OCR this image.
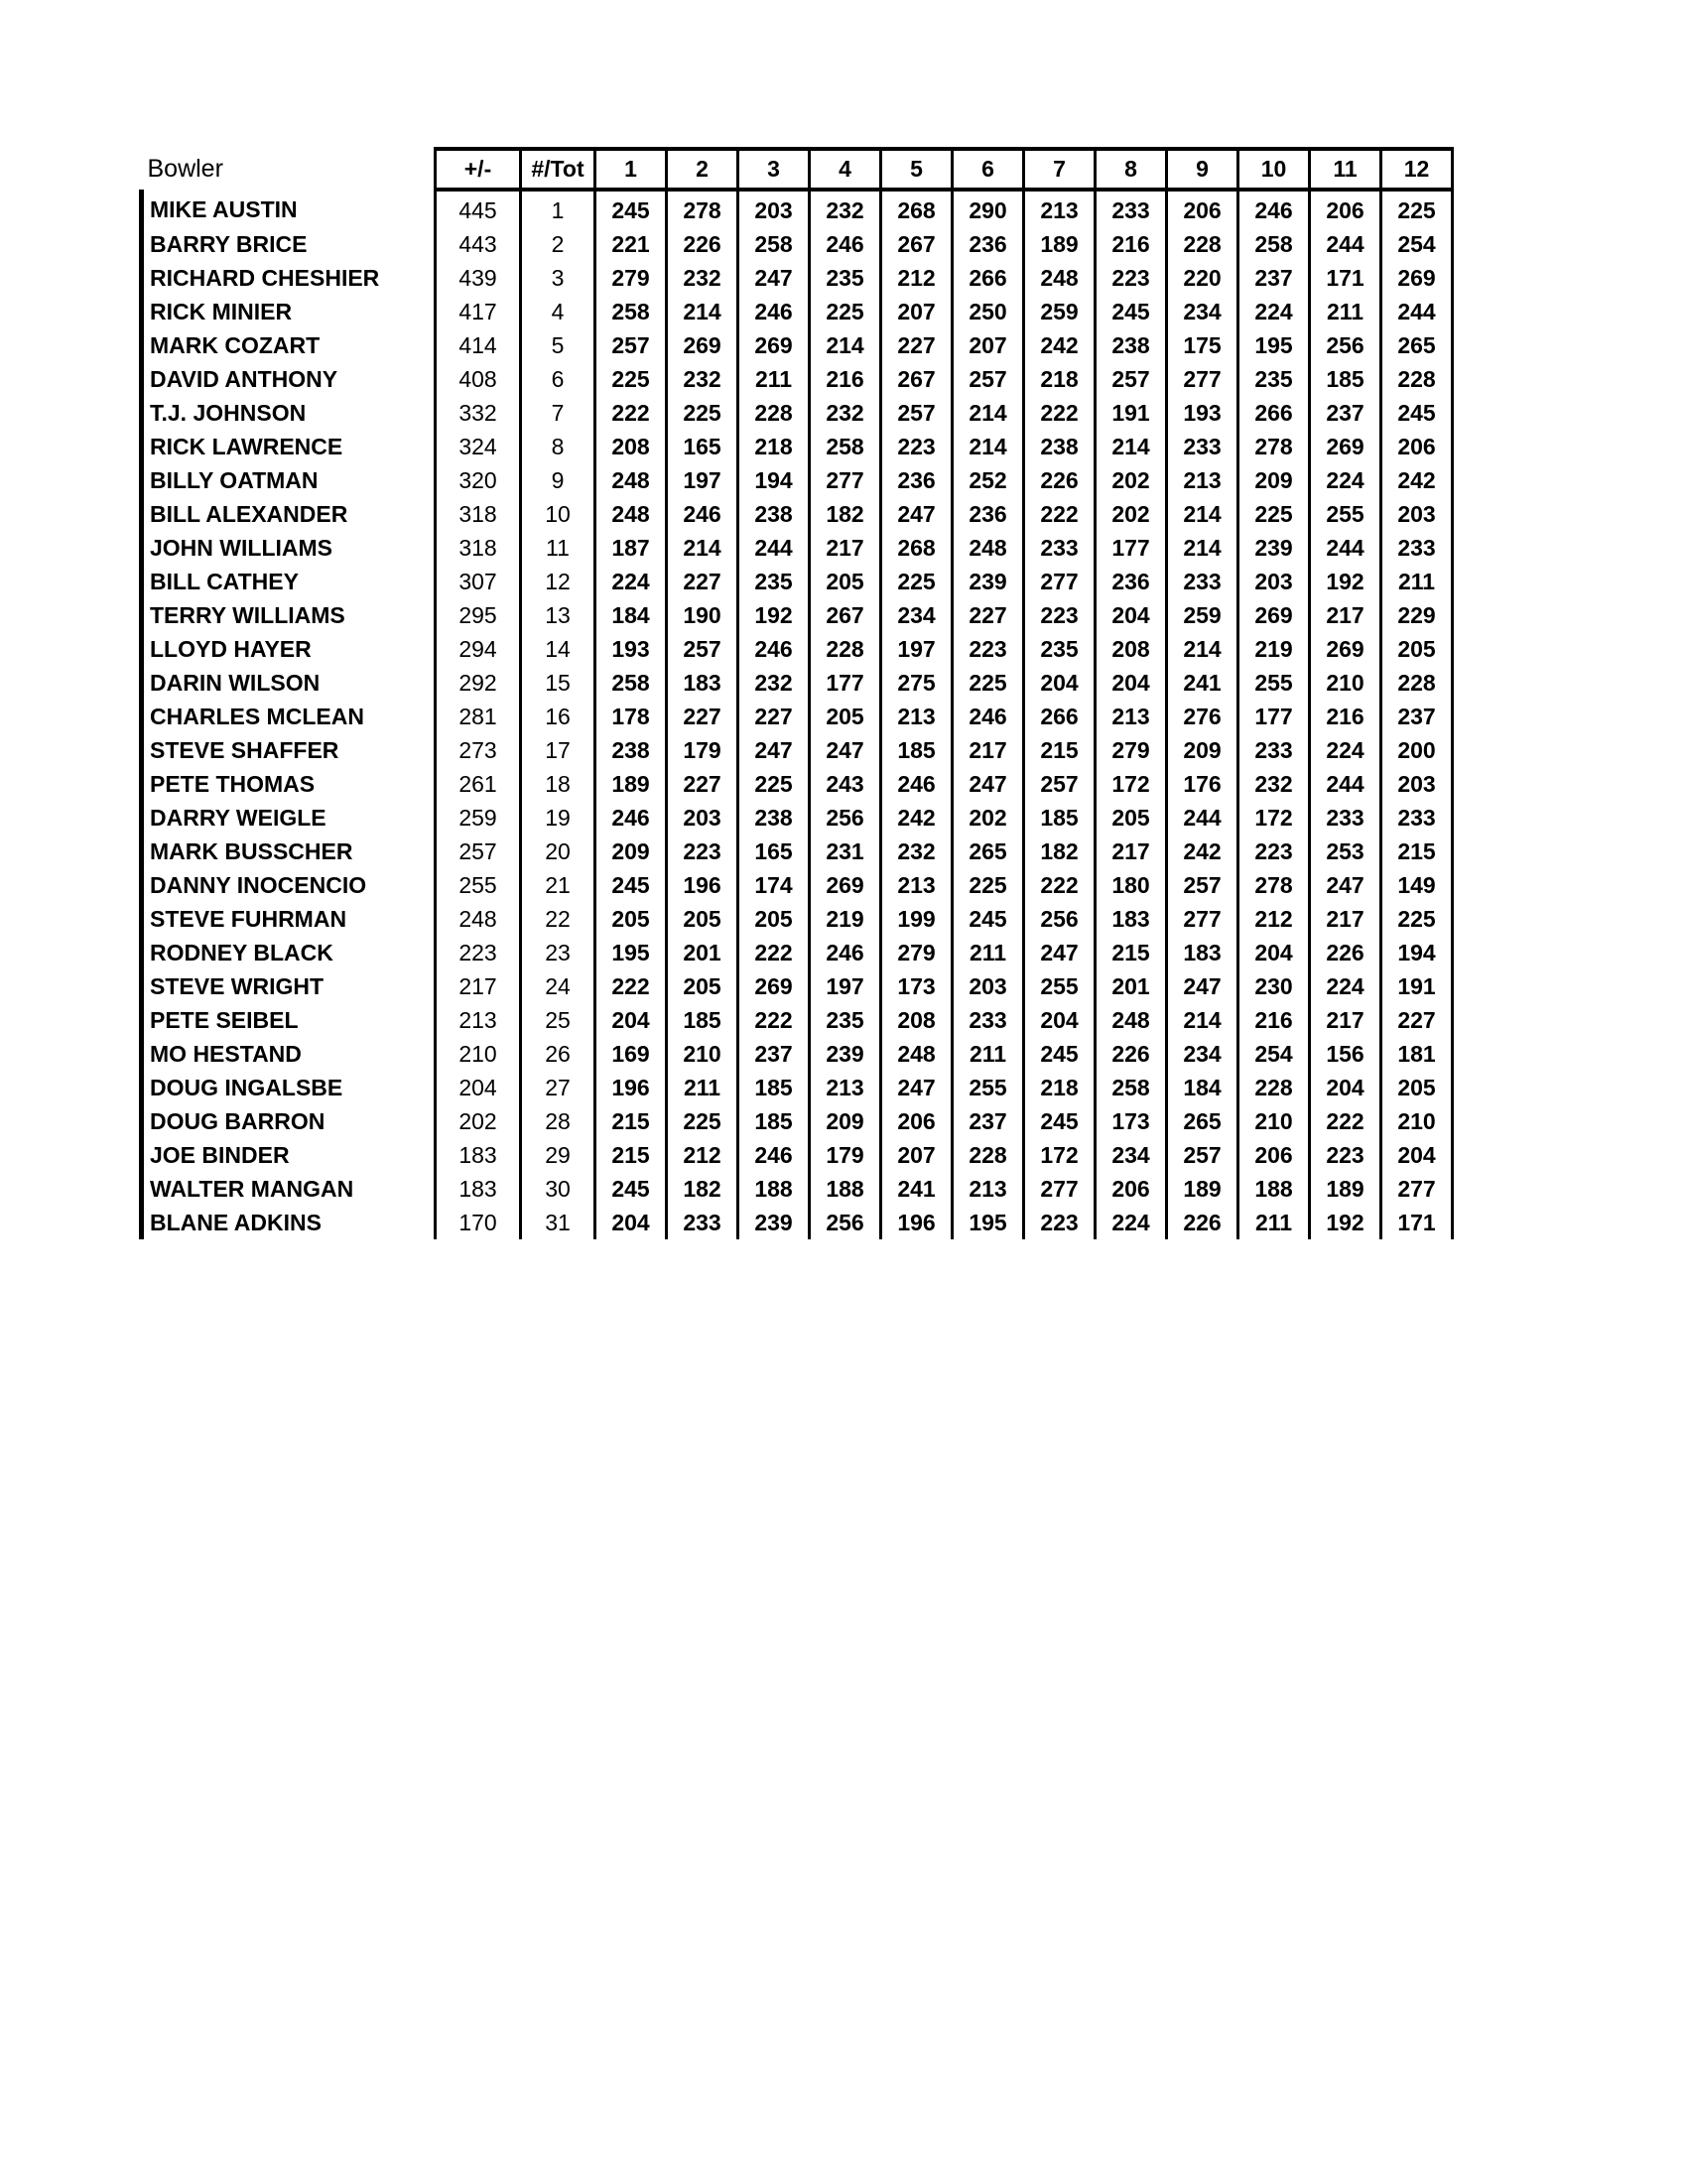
Bowler	+/-	#/Tot	1	2	3	4	5	6	7	8	9	10	11	12
MIKE AUSTIN	445	1	245	278	203	232	268	290	213	233	206	246	206	225
BARRY BRICE	443	2	221	226	258	246	267	236	189	216	228	258	244	254
RICHARD CHESHIER	439	3	279	232	247	235	212	266	248	223	220	237	171	269
RICK MINIER	417	4	258	214	246	225	207	250	259	245	234	224	211	244
MARK COZART	414	5	257	269	269	214	227	207	242	238	175	195	256	265
DAVID ANTHONY	408	6	225	232	211	216	267	257	218	257	277	235	185	228
T.J. JOHNSON	332	7	222	225	228	232	257	214	222	191	193	266	237	245
RICK LAWRENCE	324	8	208	165	218	258	223	214	238	214	233	278	269	206
BILLY OATMAN	320	9	248	197	194	277	236	252	226	202	213	209	224	242
BILL ALEXANDER	318	10	248	246	238	182	247	236	222	202	214	225	255	203
JOHN WILLIAMS	318	11	187	214	244	217	268	248	233	177	214	239	244	233
BILL CATHEY	307	12	224	227	235	205	225	239	277	236	233	203	192	211
TERRY WILLIAMS	295	13	184	190	192	267	234	227	223	204	259	269	217	229
LLOYD HAYER	294	14	193	257	246	228	197	223	235	208	214	219	269	205
DARIN WILSON	292	15	258	183	232	177	275	225	204	204	241	255	210	228
CHARLES MCLEAN	281	16	178	227	227	205	213	246	266	213	276	177	216	237
STEVE SHAFFER	273	17	238	179	247	247	185	217	215	279	209	233	224	200
PETE THOMAS	261	18	189	227	225	243	246	247	257	172	176	232	244	203
DARRY WEIGLE	259	19	246	203	238	256	242	202	185	205	244	172	233	233
MARK BUSSCHER	257	20	209	223	165	231	232	265	182	217	242	223	253	215
DANNY INOCENCIO	255	21	245	196	174	269	213	225	222	180	257	278	247	149
STEVE FUHRMAN	248	22	205	205	205	219	199	245	256	183	277	212	217	225
RODNEY BLACK	223	23	195	201	222	246	279	211	247	215	183	204	226	194
STEVE WRIGHT	217	24	222	205	269	197	173	203	255	201	247	230	224	191
PETE SEIBEL	213	25	204	185	222	235	208	233	204	248	214	216	217	227
MO HESTAND	210	26	169	210	237	239	248	211	245	226	234	254	156	181
DOUG INGALSBE	204	27	196	211	185	213	247	255	218	258	184	228	204	205
DOUG BARRON	202	28	215	225	185	209	206	237	245	173	265	210	222	210
JOE BINDER	183	29	215	212	246	179	207	228	172	234	257	206	223	204
WALTER MANGAN	183	30	245	182	188	188	241	213	277	206	189	188	189	277
BLANE ADKINS	170	31	204	233	239	256	196	195	223	224	226	211	192	171
